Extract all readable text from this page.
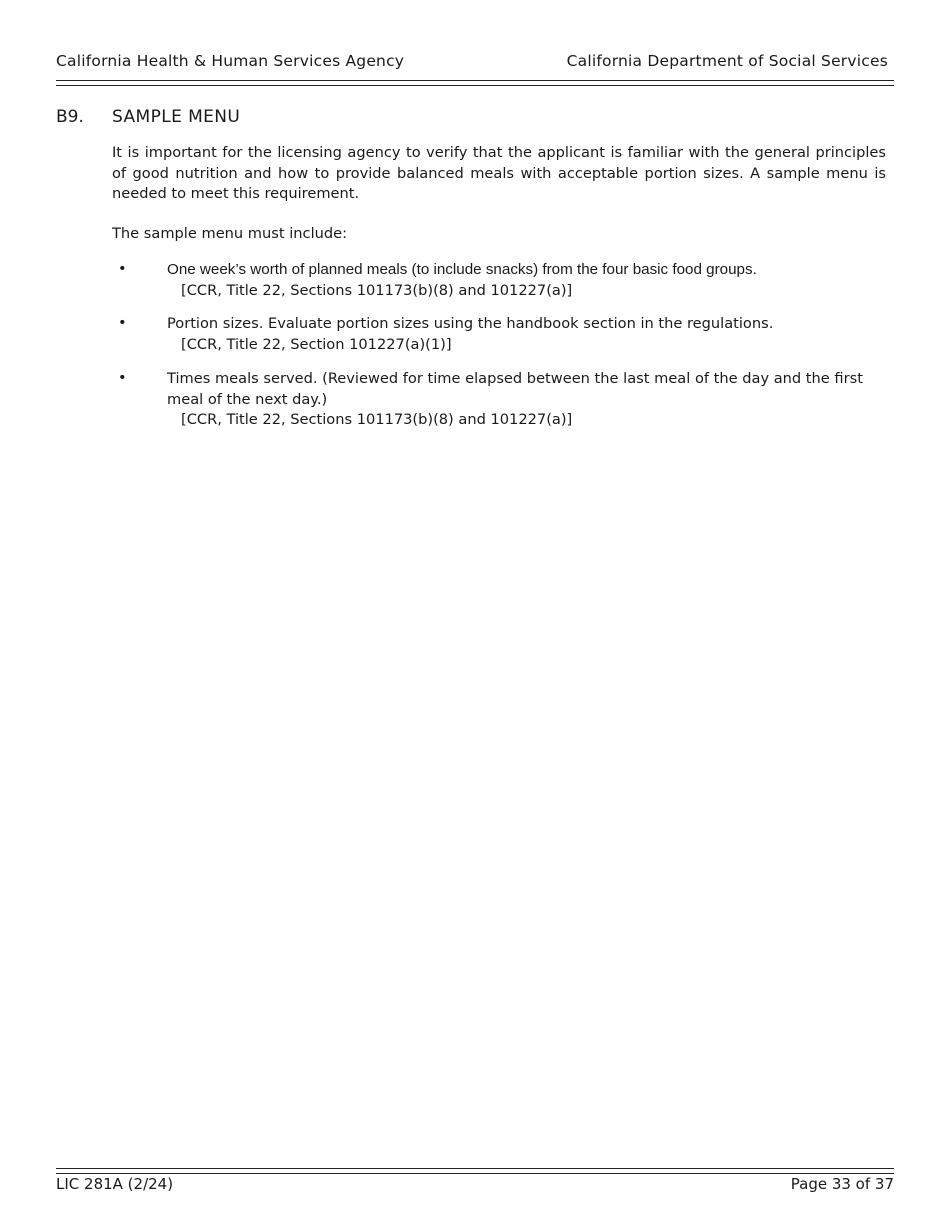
California Health & Human Services Agency	California Department of Social Services
B9. SAMPLE MENU

It is important for the licensing agency to verify that the applicant is familiar with the general principles of good nutrition and how to provide balanced meals with acceptable portion sizes. A sample menu is needed to meet this requirement.

The sample menu must include:

•	One week’s worth of planned meals (to include snacks) from the four basic food groups.
[CCR, Title 22, Sections 101173(b)(8) and 101227(a)]

•	Portion sizes. Evaluate portion sizes using the handbook section in the regulations.
[CCR, Title 22, Section 101227(a)(1)]

•	Times meals served. (Reviewed for time elapsed between the last meal of the day and the first meal of the next day.)
[CCR, Title 22, Sections 101173(b)(8) and 101227(a)]

LIC 281A (2/24)	Page 33 of 37
